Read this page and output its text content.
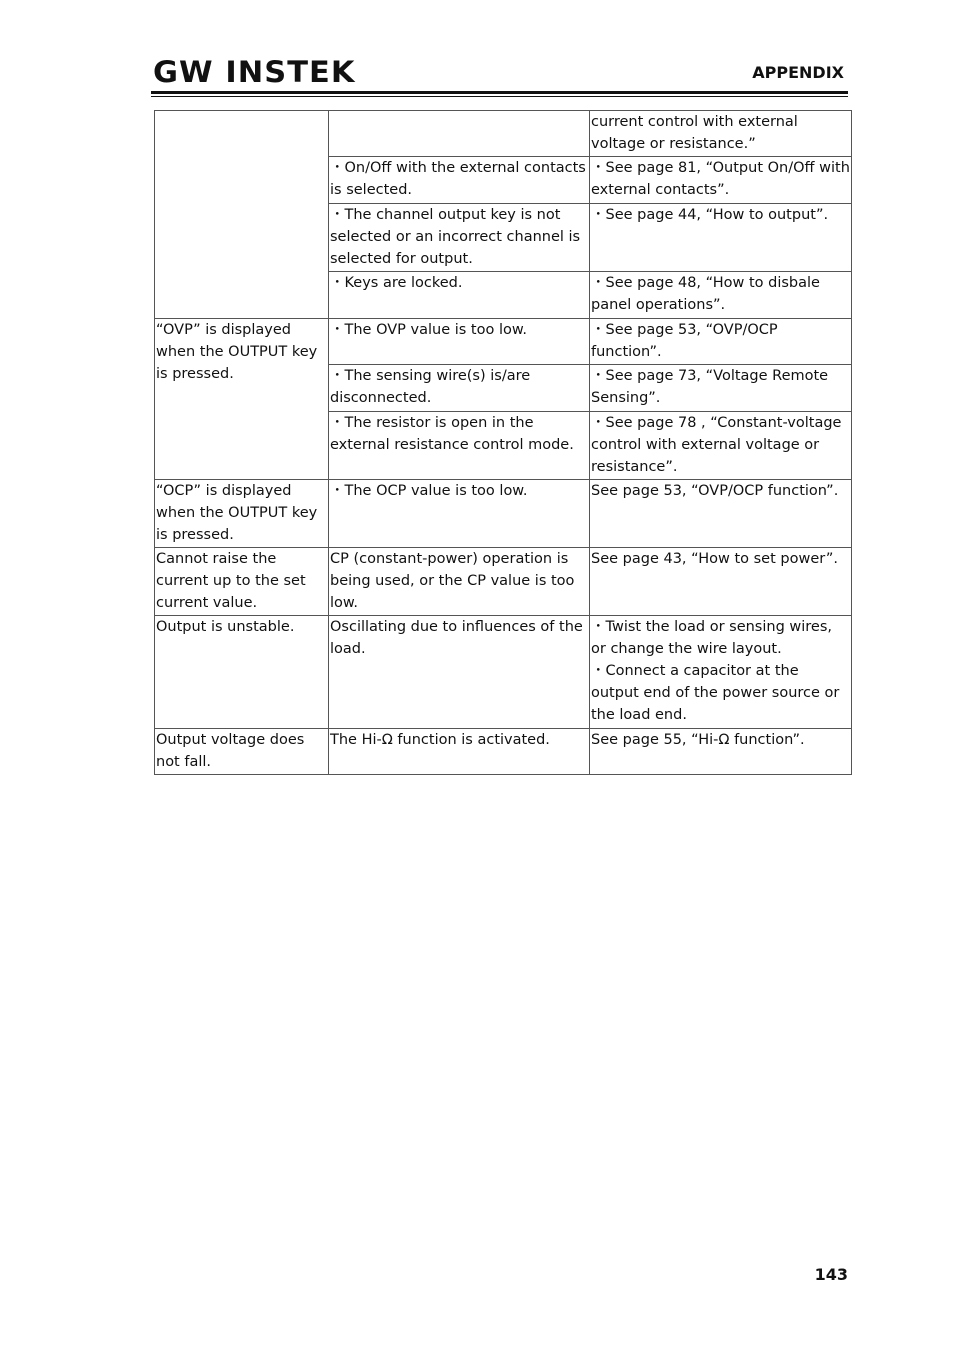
GW INSTEK	APPENDIX
		current control with external voltage or resistance.”
	・On/Off with the external contacts is selected.	・See page 81, “Output On/Off with external contacts”.
	・The channel output key is not selected or an incorrect channel is selected for output.	・See page 44, “How to output”.
	・Keys are locked.	・See page 48, “How to disbale panel operations”.
“OVP” is displayed when the OUTPUT key is pressed.	・The OVP value is too low.	・See page 53, “OVP/OCP function”.
	・The sensing wire(s) is/are disconnected.	・See page 73, “Voltage Remote Sensing”.
	・The resistor is open in the external resistance control mode.	・See page 78 , “Constant-voltage control with external voltage or resistance”.
“OCP” is displayed when the OUTPUT key is pressed.	・The OCP value is too low.	See page 53, “OVP/OCP function”.
Cannot raise the current up to the set current value.	CP (constant-power) operation is being used, or the CP value is too low.	See page 43, “How to set power”.
Output is unstable.	Oscillating due to influences of the load.	・Twist the load or sensing wires, or change the wire layout.
・Connect a capacitor at the output end of the power source or the load end.

Output voltage does not fall.	The Hi-Ω function is activated.	See page 55, “Hi-Ω function”.
143
